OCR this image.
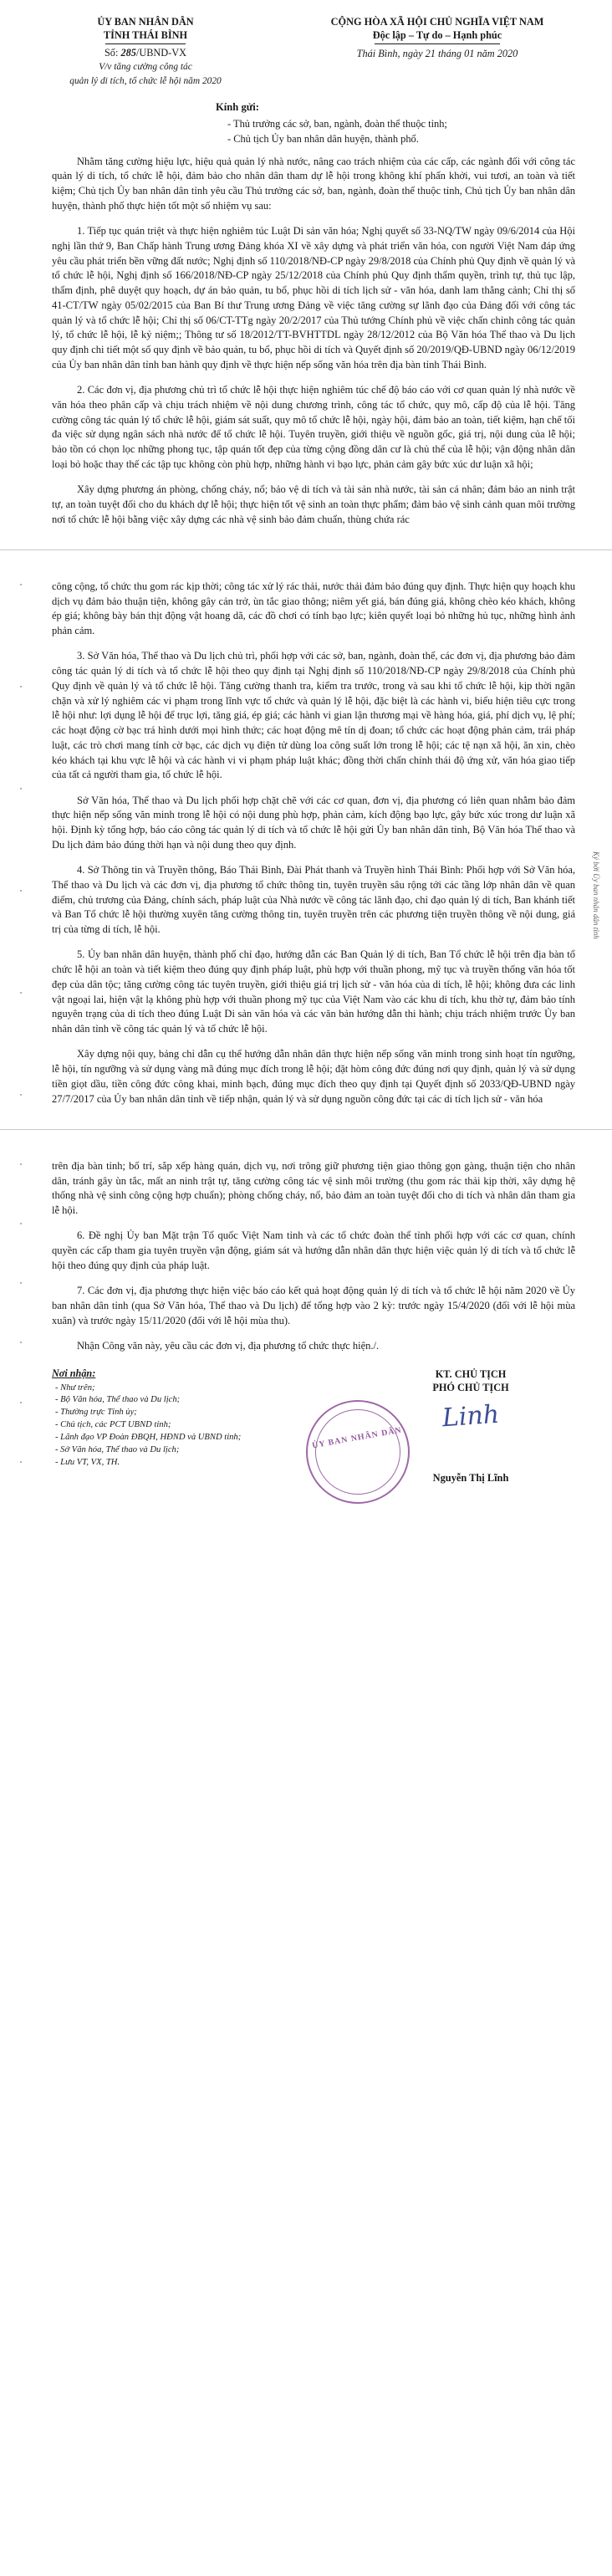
ỦY BAN NHÂN DÂN
TỈNH THÁI BÌNH
Số: 285/UBND-VX
V/v tăng cường công tác
quản lý di tích, tổ chức lễ hội năm 2020
CỘNG HÒA XÃ HỘI CHỦ NGHĨA VIỆT NAM
Độc lập – Tự do – Hạnh phúc
Thái Bình, ngày 21 tháng 01 năm 2020
Kính gửi:
- Thủ trưởng các sở, ban, ngành, đoàn thể thuộc tỉnh;
- Chủ tịch Ủy ban nhân dân huyện, thành phố.

Nhằm tăng cường hiệu lực, hiệu quả quản lý nhà nước, nâng cao trách nhiệm của các cấp, các ngành đối với công tác quản lý di tích, tổ chức lễ hội, đảm bảo cho nhân dân tham dự lễ hội trong không khí phấn khởi, vui tươi, an toàn và tiết kiệm; Chủ tịch Ủy ban nhân dân tỉnh yêu cầu Thủ trưởng các sở, ban, ngành, đoàn thể thuộc tỉnh, Chủ tịch Ủy ban nhân dân huyện, thành phố thực hiện tốt một số nhiệm vụ sau:

1. Tiếp tục quán triệt và thực hiện nghiêm túc Luật Di sản văn hóa; Nghị quyết số 33-NQ/TW ngày 09/6/2014 của Hội nghị lần thứ 9, Ban Chấp hành Trung ương Đảng khóa XI về xây dựng và phát triển văn hóa, con người Việt Nam đáp ứng yêu cầu phát triển bền vững đất nước; Nghị định số 110/2018/NĐ-CP ngày 29/8/2018 của Chính phủ Quy định về quản lý và tổ chức lễ hội, Nghị định số 166/2018/NĐ-CP ngày 25/12/2018 của Chính phủ Quy định thẩm quyền, trình tự, thủ tục lập, thẩm định, phê duyệt quy hoạch, dự án bảo quản, tu bổ, phục hồi di tích lịch sử - văn hóa, danh lam thắng cảnh; Chỉ thị số 41-CT/TW ngày 05/02/2015 của Ban Bí thư Trung ương Đảng về việc tăng cường sự lãnh đạo của Đảng đối với công tác quản lý và tổ chức lễ hội; Chỉ thị số 06/CT-TTg ngày 20/2/2017 của Thủ tướng Chính phủ về việc chấn chỉnh công tác quản lý, tổ chức lễ hội, lễ kỷ niệm;; Thông tư số 18/2012/TT-BVHTTDL ngày 28/12/2012 của Bộ Văn hóa Thể thao và Du lịch quy định chi tiết một số quy định về bảo quản, tu bổ, phục hồi di tích và Quyết định số 20/2019/QĐ-UBND ngày 06/12/2019 của Ủy ban nhân dân tỉnh ban hành quy định về thực hiện nếp sống văn hóa trên địa bàn tỉnh Thái Bình.

2. Các đơn vị, địa phương chủ trì tổ chức lễ hội thực hiện nghiêm túc chế độ báo cáo với cơ quan quản lý nhà nước về văn hóa theo phân cấp và chịu trách nhiệm về nội dung chương trình, công tác tổ chức, quy mô, cấp độ của lễ hội. Tăng cường công tác quản lý tổ chức lễ hội, giám sát suất, quy mô tổ chức lễ hội, ngày hội, đảm bảo an toàn, tiết kiệm, hạn chế tối đa việc sử dụng ngân sách nhà nước để tổ chức lễ hội. Tuyên truyền, giới thiệu về nguồn gốc, giá trị, nội dung của lễ hội; bảo tồn có chọn lọc những phong tục, tập quán tốt đẹp của từng cộng đồng dân cư là chủ thể của lễ hội; vận động nhân dân loại bỏ hoặc thay thế các tập tục không còn phù hợp, những hành vi bạo lực, phản cảm gây bức xúc dư luận xã hội;

Xây dựng phương án phòng, chống cháy, nổ; bảo vệ di tích và tài sản nhà nước, tài sản cá nhân; đảm bảo an ninh trật tự, an toàn tuyệt đối cho du khách dự lễ hội; thực hiện tốt vệ sinh an toàn thực phẩm; đảm bảo vệ sinh cảnh quan môi trường nơi tổ chức lễ hội bằng việc xây dựng các nhà vệ sinh bảo đảm chuẩn, thùng chứa rác

Ký bởi Ủy ban nhân dân tỉnh

công cộng, tổ chức thu gom rác kịp thời; công tác xử lý rác thải, nước thải đảm bảo đúng quy định. Thực hiện quy hoạch khu dịch vụ đảm bảo thuận tiện, không gây cản trở, ùn tắc giao thông; niêm yết giá, bán đúng giá, không chèo kéo khách, không ép giá; không bày bán thịt động vật hoang dã, các đồ chơi có tính bạo lực; kiên quyết loại bỏ những hủ tục, những hình ảnh phản cảm.

3. Sở Văn hóa, Thể thao và Du lịch chủ trì, phối hợp với các sở, ban, ngành, đoàn thể, các đơn vị, địa phương bảo đảm công tác quản lý di tích và tổ chức lễ hội theo quy định tại Nghị định số 110/2018/NĐ-CP ngày 29/8/2018 của Chính phủ Quy định về quản lý và tổ chức lễ hội. Tăng cường thanh tra, kiểm tra trước, trong và sau khi tổ chức lễ hội, kịp thời ngăn chặn và xử lý nghiêm các vi phạm trong lĩnh vực tổ chức và quản lý lễ hội, đặc biệt là các hành vi, biểu hiện tiêu cực trong lễ hội như: lợi dụng lễ hội để trục lợi, tăng giá, ép giá; các hành vi gian lận thương mại về hàng hóa, giá, phí dịch vụ, lệ phí; các hoạt động cờ bạc trá hình dưới mọi hình thức; các hoạt động mê tín dị đoan; tổ chức các hoạt động phản cảm, trái pháp luật, các trò chơi mang tính cờ bạc, các dịch vụ điện tử dùng loa công suất lớn trong lễ hội; các tệ nạn xã hội, ăn xin, chèo kéo khách tại khu vực lễ hội và các hành vi vi phạm pháp luật khác; đồng thời chấn chỉnh thái độ ứng xử, văn hóa giao tiếp của tất cả người tham gia, tổ chức lễ hội.

Sở Văn hóa, Thể thao và Du lịch phối hợp chặt chẽ với các cơ quan, đơn vị, địa phương có liên quan nhằm bảo đảm thực hiện nếp sống văn minh trong lễ hội có nội dung phù hợp, phản cảm, kích động bạo lực, gây bức xúc trong dư luận xã hội. Định kỳ tổng hợp, báo cáo công tác quản lý di tích và tổ chức lễ hội gửi Ủy ban nhân dân tỉnh, Bộ Văn hóa Thể thao và Du lịch đảm bảo đúng thời hạn và nội dung theo quy định.

4. Sở Thông tin và Truyền thông, Báo Thái Bình, Đài Phát thanh và Truyền hình Thái Bình: Phối hợp với Sở Văn hóa, Thể thao và Du lịch và các đơn vị, địa phương tổ chức thông tin, tuyên truyền sâu rộng tới các tầng lớp nhân dân về quan điểm, chủ trương của Đảng, chính sách, pháp luật của Nhà nước về công tác lãnh đạo, chỉ đạo quản lý di tích, Ban khánh tiết và Ban Tổ chức lễ hội thường xuyên tăng cường thông tin, tuyên truyền trên các phương tiện truyền thông về nội dung, giá trị của từng di tích, lễ hội.

5. Ủy ban nhân dân huyện, thành phố chỉ đạo, hướng dẫn các Ban Quản lý di tích, Ban Tổ chức lễ hội trên địa bàn tổ chức lễ hội an toàn và tiết kiệm theo đúng quy định pháp luật, phù hợp với thuần phong, mỹ tục và truyền thống văn hóa tốt đẹp của dân tộc; tăng cường công tác tuyên truyền, giới thiệu giá trị lịch sử - văn hóa của di tích, lễ hội; không đưa các linh vật ngoại lai, hiện vật lạ không phù hợp với thuần phong mỹ tục của Việt Nam vào các khu di tích, khu thờ tự, đảm bảo tính nguyên trạng của di tích theo đúng Luật Di sản văn hóa và các văn bản hướng dẫn thi hành; chịu trách nhiệm trước Ủy ban nhân dân tỉnh về công tác quản lý và tổ chức lễ hội.

Xây dựng nội quy, bảng chỉ dẫn cụ thể hướng dẫn nhân dân thực hiện nếp sống văn minh trong sinh hoạt tín ngưỡng, lễ hội, tín ngưỡng và sử dụng vàng mã đúng mục đích trong lễ hội; đặt hòm công đức đúng nơi quy định, quản lý và sử dụng tiền giọt dầu, tiền công đức công khai, minh bạch, đúng mục đích theo quy định tại Quyết định số 2033/QĐ-UBND ngày 27/7/2017 của Ủy ban nhân dân tỉnh về tiếp nhận, quản lý và sử dụng nguồn công đức tại các di tích lịch sử - văn hóa

trên địa bàn tỉnh; bố trí, sắp xếp hàng quán, dịch vụ, nơi trông giữ phương tiện giao thông gọn gàng, thuận tiện cho nhân dân, tránh gây ùn tắc, mất an ninh trật tự, tăng cường công tác vệ sinh môi trường (thu gom rác thải kịp thời, xây dựng hệ thống nhà vệ sinh công cộng hợp chuẩn); phòng chống cháy, nổ, bảo đảm an toàn tuyệt đối cho di tích và nhân dân tham gia lễ hội.

6. Đề nghị Ủy ban Mặt trận Tổ quốc Việt Nam tỉnh và các tổ chức đoàn thể tỉnh phối hợp với các cơ quan, chính quyền các cấp tham gia tuyên truyền vận động, giám sát và hướng dẫn nhân dân thực hiện việc quản lý di tích và tổ chức lễ hội theo đúng quy định của pháp luật.

7. Các đơn vị, địa phương thực hiện việc báo cáo kết quả hoạt động quản lý di tích và tổ chức lễ hội năm 2020 về Ủy ban nhân dân tỉnh (qua Sở Văn hóa, Thể thao và Du lịch) để tổng hợp vào 2 kỳ: trước ngày 15/4/2020 (đối với lễ hội mùa xuân) và trước ngày 15/11/2020 (đối với lễ hội mùa thu).

Nhận Công văn này, yêu cầu các đơn vị, địa phương tổ chức thực hiện./.

Nơi nhận:
- Như trên;
- Bộ Văn hóa, Thể thao và Du lịch;
- Thường trực Tỉnh ủy;
- Chủ tịch, các PCT UBND tỉnh;
- Lãnh đạo VP Đoàn ĐBQH, HĐND và UBND tỉnh;
- Sở Văn hóa, Thể thao và Du lịch;
- Lưu VT, VX, TH.
KT. CHỦ TỊCH
PHÓ CHỦ TỊCH
ỦY BAN NHÂN DÂN
Linh
Nguyễn Thị Lĩnh
